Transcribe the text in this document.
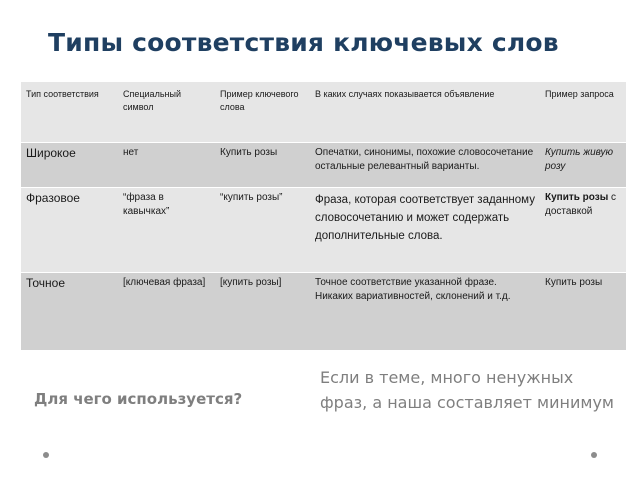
Типы соответствия ключевых слов
Тип соответствия	Специальный символ	Пример ключевого слова	В каких случаях показывается объявление	Пример запроса
Широкое	нет	Купить розы	Опечатки, синонимы, похожие словосочетание остальные релевантный варианты.	Купить живую розу
Фразовое	“фраза в кавычках”	“купить розы”	Фраза, которая соответствует заданному словосочетанию и может содержать дополнительные слова.	Купить розы с доставкой
Точное	[ключевая фраза]	[купить розы]	Точное соответствие указанной фразе. Никаких вариативностей, склонений и т.д.	Купить розы
Для чего используется?
Если в теме, много ненужных фраз, а наша составляет минимум
